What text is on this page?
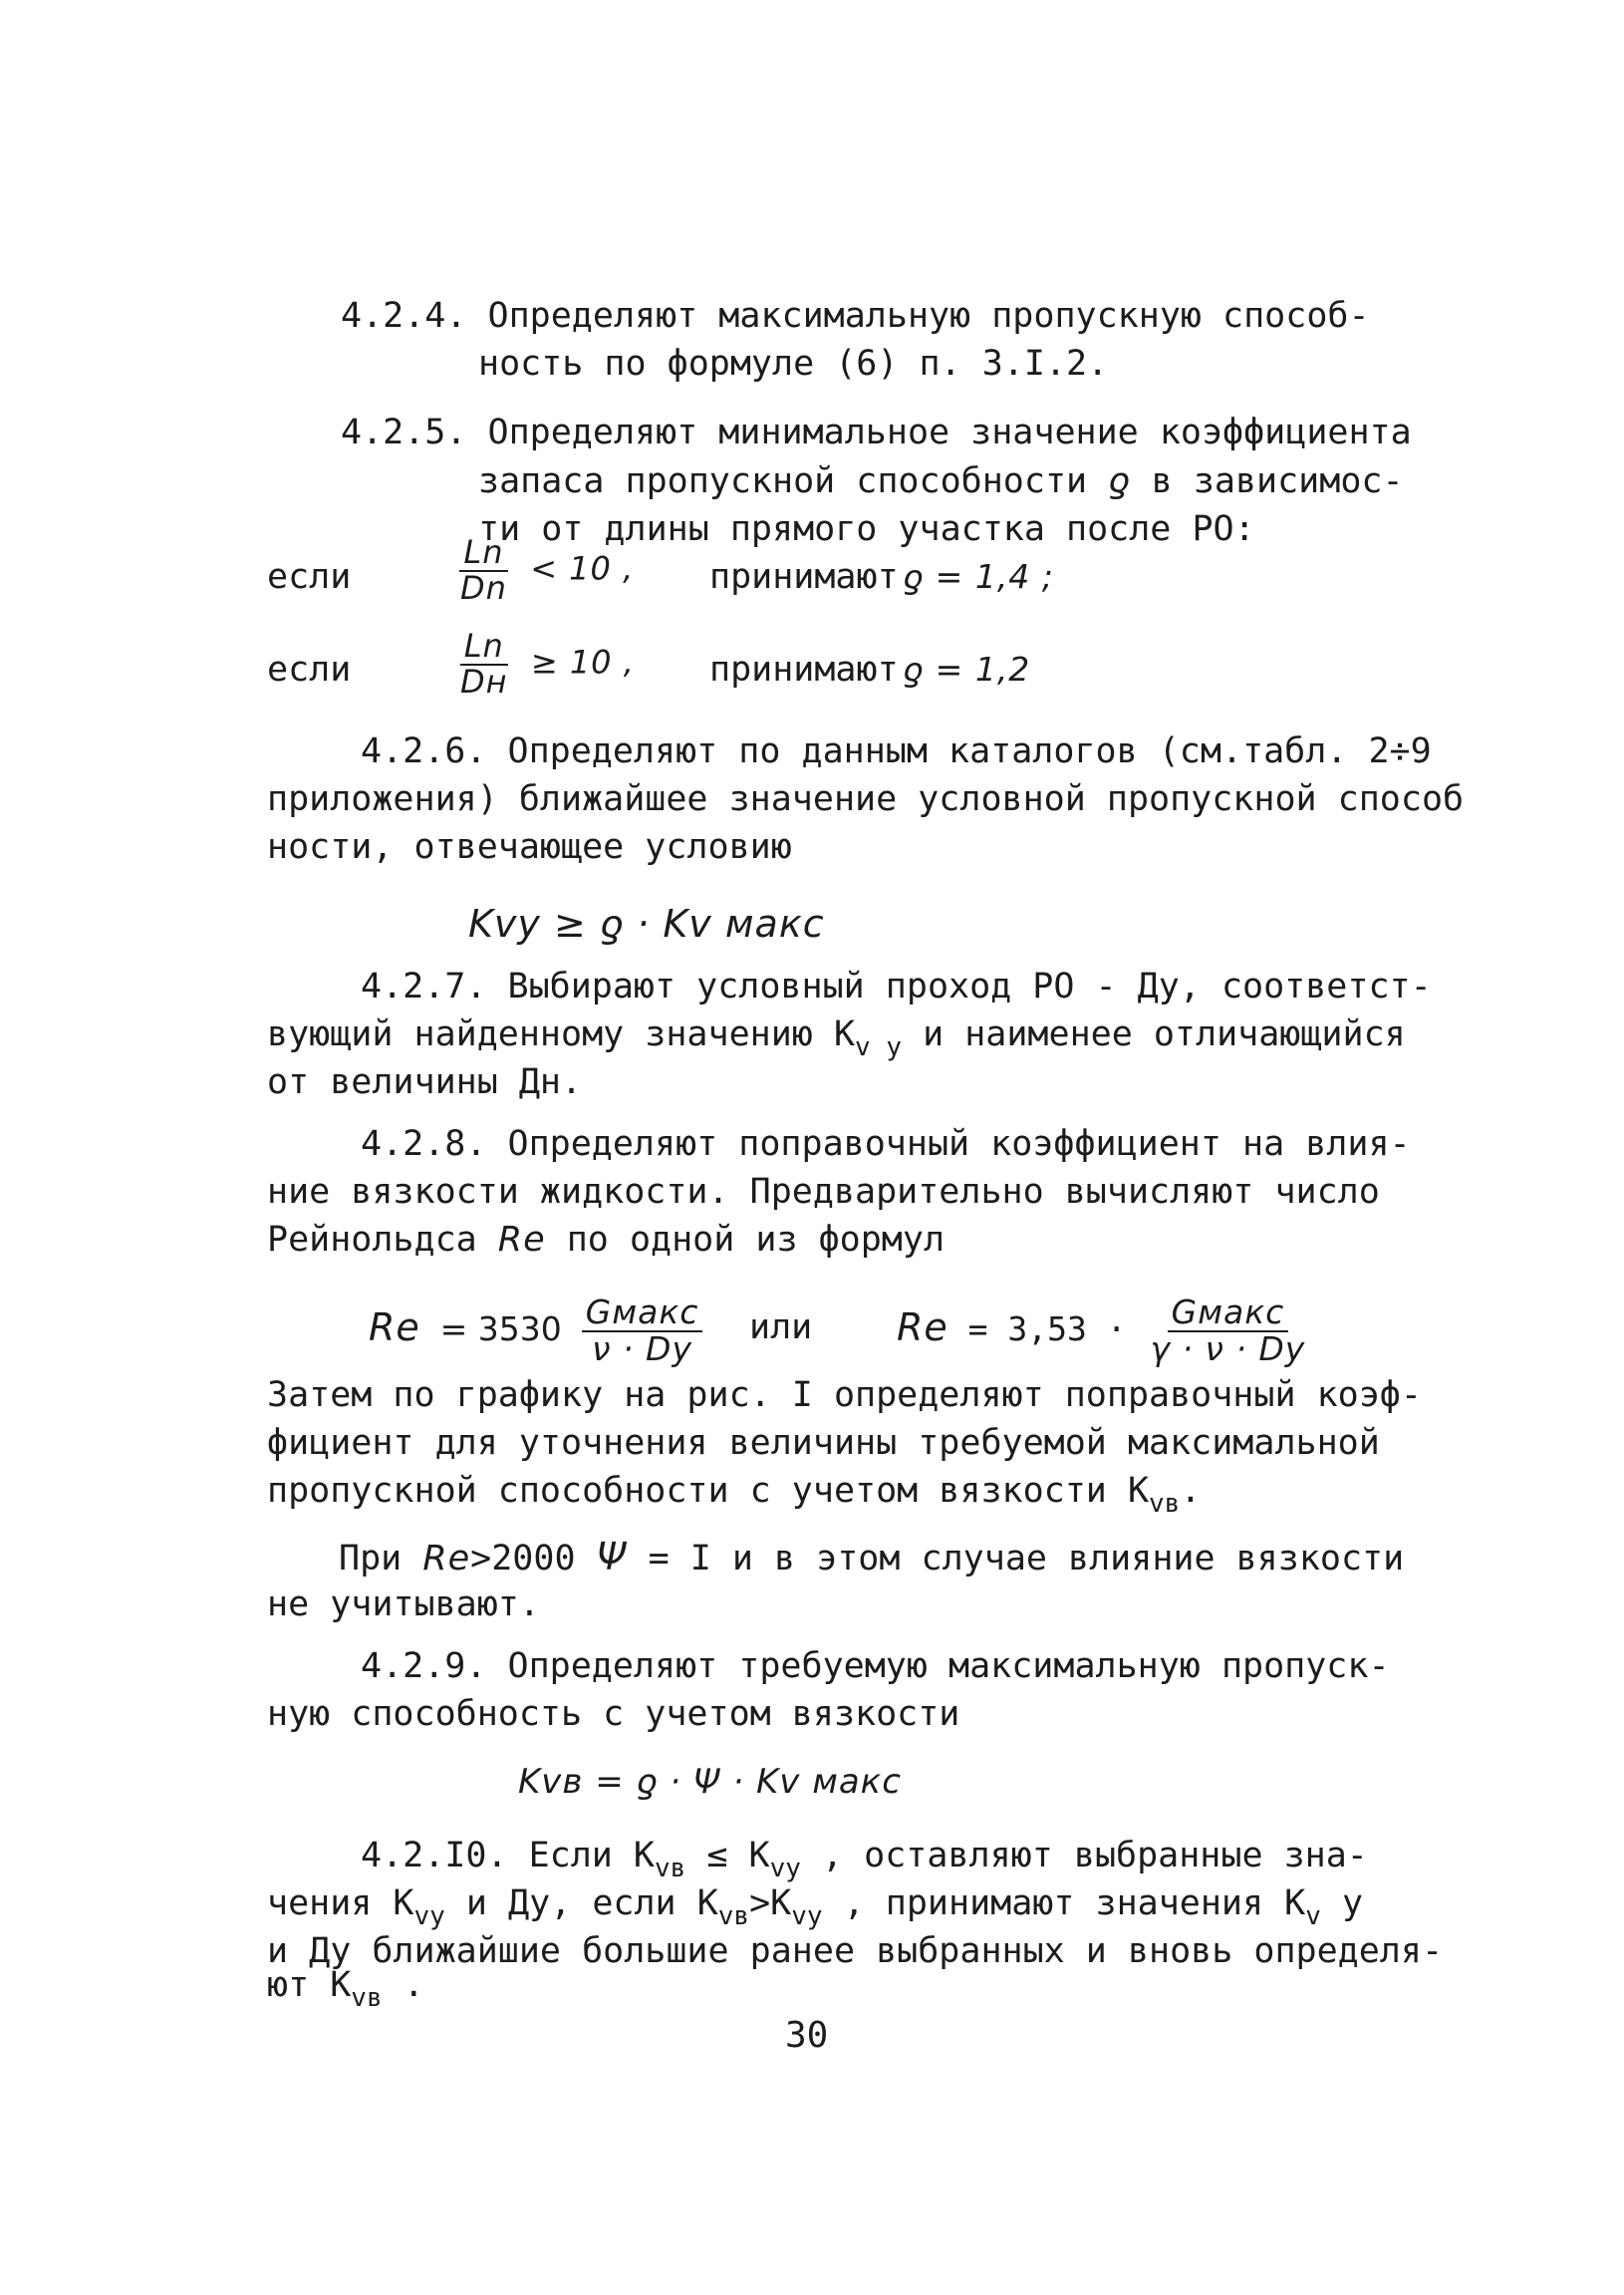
4.2.4. Определяют максимальную пропускную способ-
ность по формуле (6) п. 3.I.2.
4.2.5. Определяют минимальное значение коэффициента
запаса пропускной способности ƍ в зависимос-
ти от длины прямого участка после РО:
если	$\frac{Ln}{Dn} < 10$ , принимают ƍ = 1,4 ;
если	$\frac{Ln}{Dн} \ge 10$ , принимают ƍ = 1,2
4.2.6. Определяют по данным каталогов (см.табл. 2÷9
приложения) ближайшее значение условной пропускной способ
ности, отвечающее условию
Kvy ≥ ƍ · Kv макс
4.2.7. Выбирают условный проход РО - Ду, соответст-
вующий найденному значению $К_{v у}$ и наименее отличающийся
от величины Дн.
4.2.8. Определяют поправочный коэффициент на влия-
ние вязкости жидкости. Предварительно вычисляют число
Рейнольдса Re по одной из формул
$Re = 3530 \frac{\text{Gмакс}}{\nu \cdot Dу}$ или $Re = 3,53 \cdot \frac{\text{Gмакс}}{\gamma \cdot \nu \cdot Dу}$
Затем по графику на рис. I определяют поправочный коэф-
фициент для уточнения величины требуемой максимальной
пропускной способности с учетом вязкости $К_{vв}$.
При Re>2000 Ψ = I и в этом случае влияние вязкости
не учитывают.
4.2.9. Определяют требуемую максимальную пропуск-
ную способность с учетом вязкости
Kvв = ƍ · Ψ · Kv макс
4.2.I0. Если $К_{vв} \le К_{vу}$ , оставляют выбранные зна-
чения $К_{vу}$ и Ду, если $К_{vв}>К_{vу}$ , принимают значения $К_v$ у
и Ду ближайшие большие ранее выбранных и вновь определя-
ют $К_{vв}$ .
30
